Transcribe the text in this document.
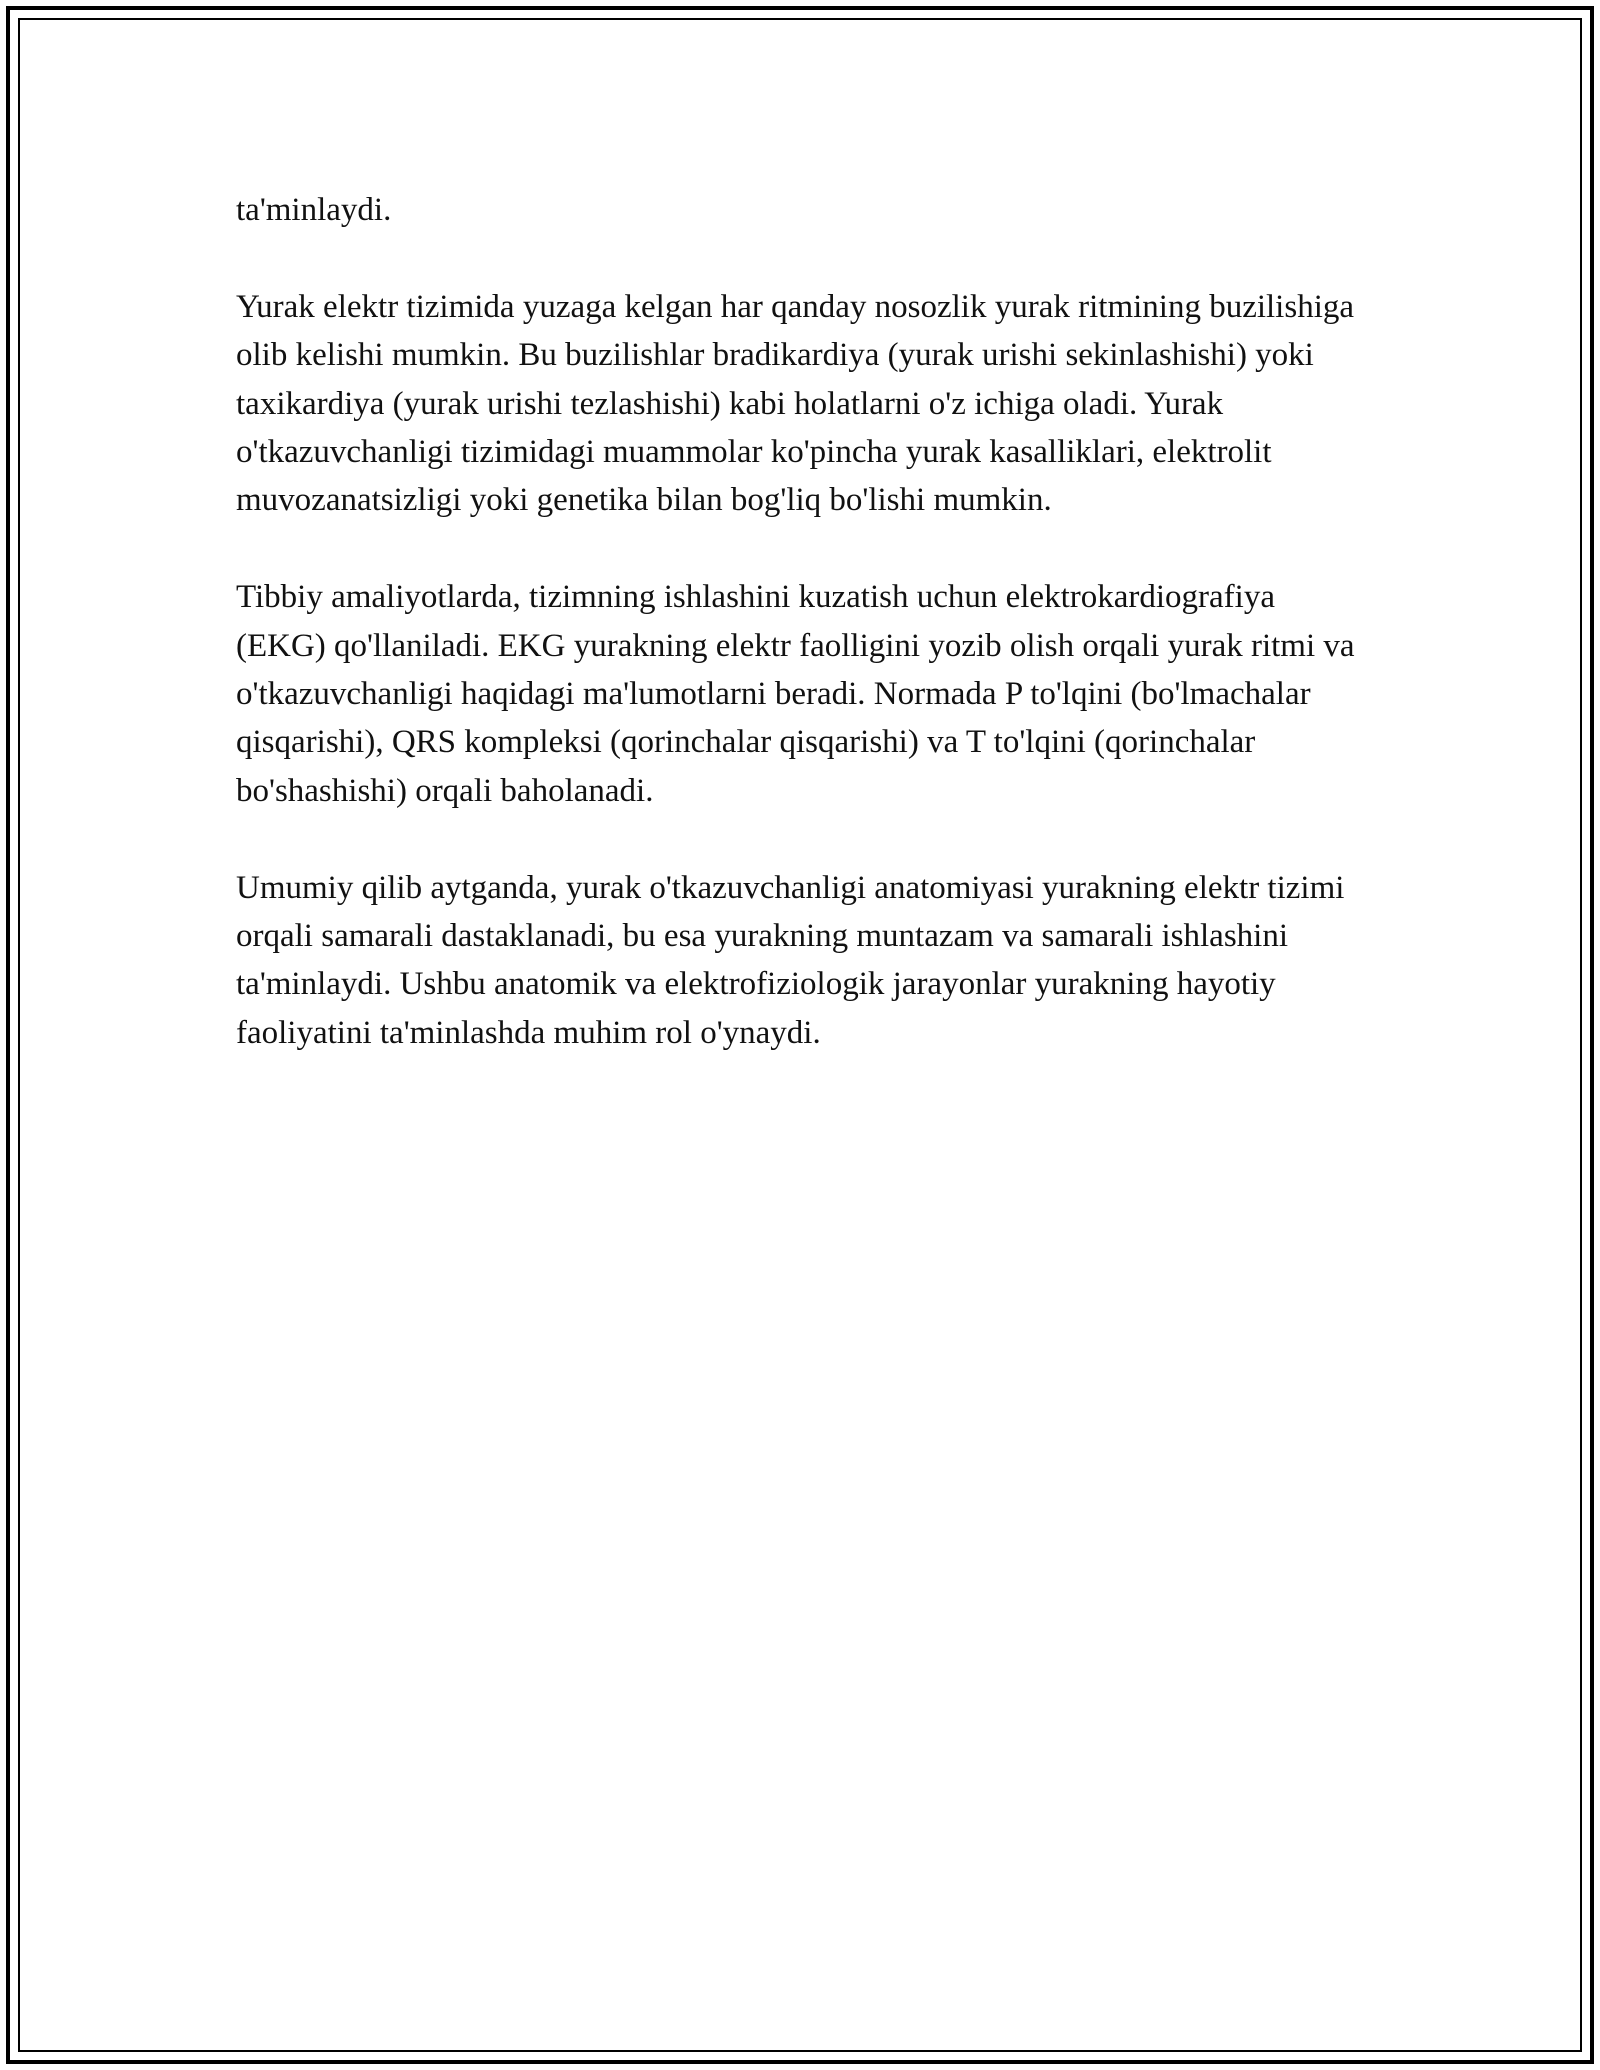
ta'minlaydi.

Yurak elektr tizimida yuzaga kelgan har qanday nosozlik yurak ritmining buzilishiga olib kelishi mumkin. Bu buzilishlar bradikardiya (yurak urishi sekinlashishi) yoki taxikardiya (yurak urishi tezlashishi) kabi holatlarni o'z ichiga oladi. Yurak o'tkazuvchanligi tizimidagi muammolar ko'pincha yurak kasalliklari, elektrolit muvozanatsizligi yoki genetika bilan bog'liq bo'lishi mumkin.

Tibbiy amaliyotlarda, tizimning ishlashini kuzatish uchun elektrokardiografiya (EKG) qo'llaniladi. EKG yurakning elektr faolligini yozib olish orqali yurak ritmi va o'tkazuvchanligi haqidagi ma'lumotlarni beradi. Normada P to'lqini (bo'lmachalar qisqarishi), QRS kompleksi (qorinchalar qisqarishi) va T to'lqini (qorinchalar bo'shashishi) orqali baholanadi.

Umumiy qilib aytganda, yurak o'tkazuvchanligi anatomiyasi yurakning elektr tizimi orqali samarali dastaklanadi, bu esa yurakning muntazam va samarali ishlashini ta'minlaydi. Ushbu anatomik va elektrofiziologik jarayonlar yurakning hayotiy faoliyatini ta'minlashda muhim rol o'ynaydi.
